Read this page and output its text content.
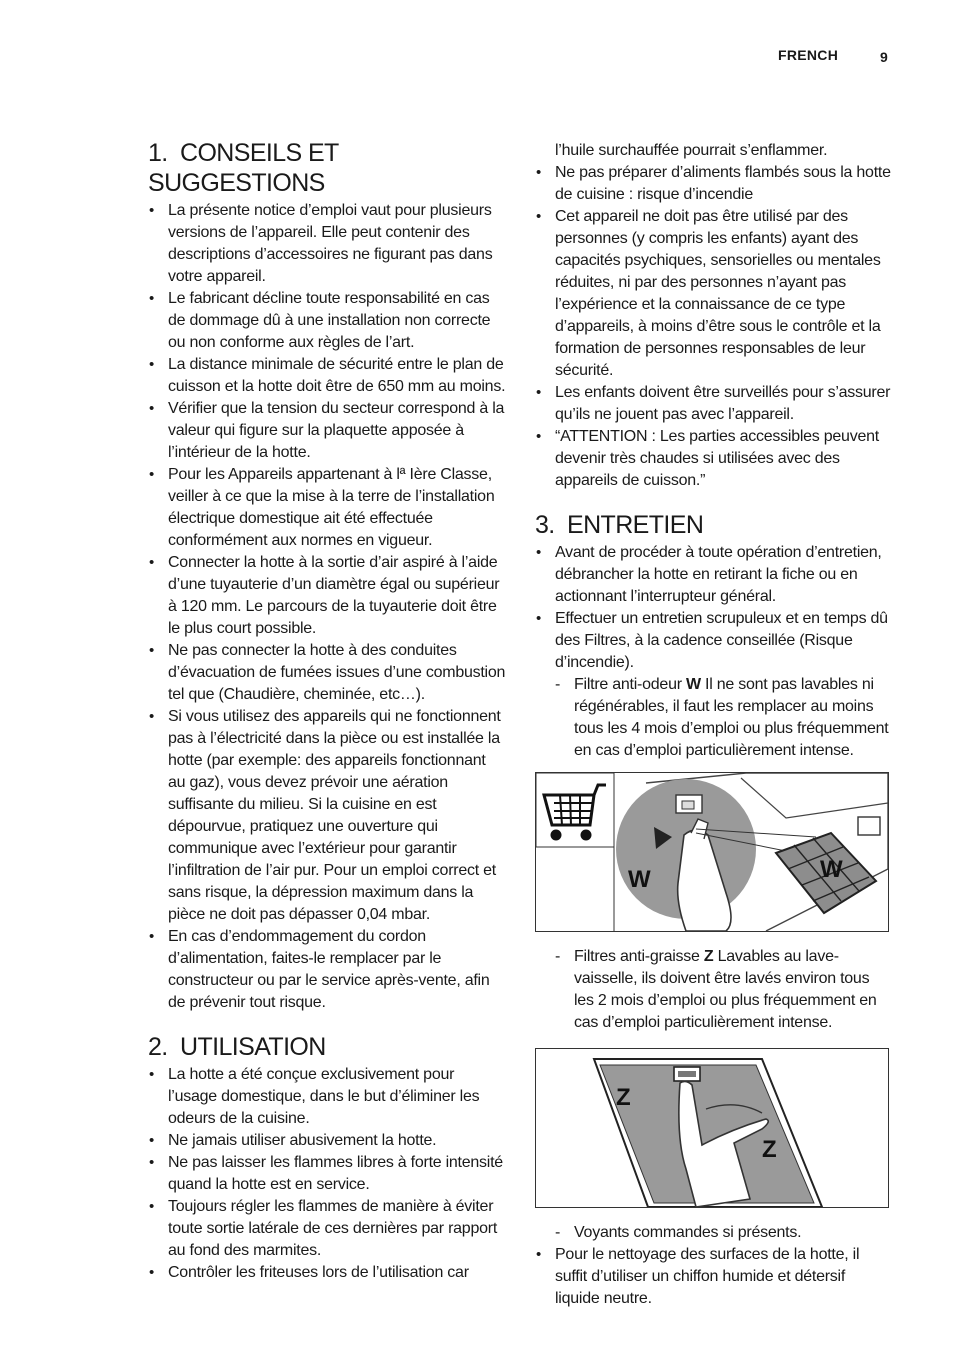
FRENCH	9
1. CONSEILS ET SUGGESTIONS
• La présente notice d’emploi vaut pour plusieurs versions de l’appareil. Elle peut contenir des descriptions d’accessoires ne figurant pas dans votre appareil.
• Le fabricant décline toute responsabilité en cas de dommage dû à une installation non correcte ou non conforme aux règles de l’art.
• La distance minimale de sécurité entre le plan de cuisson et la hotte doit être de 650 mm au moins.
• Vérifier que la tension du secteur correspond à la valeur qui figure sur la plaquette apposée à l’intérieur de la hotte.
• Pour les Appareils appartenant à lª Ière Classe, veiller à ce que la mise à la terre de l’installation électrique domestique ait été effectuée conformément aux normes en vigueur.
• Connecter la hotte à la sortie d’air aspiré à l’aide d’une tuyauterie d’un diamètre égal ou supérieur à 120 mm. Le parcours de la tuyauterie doit être le plus court possible.
• Ne pas connecter la hotte à des conduites d’évacuation de fumées issues d’une combustion tel que (Chaudière, cheminée, etc…).
• Si vous utilisez des appareils qui ne fonctionnent pas à l’électricité dans la pièce ou est installée la hotte (par exemple: des appareils fonctionnant au gaz), vous devez prévoir une aération suffisante du milieu. Si la cuisine en est dépourvue, pratiquez une ouverture qui communique avec l’extérieur pour garantir l’infiltration de l’air pur. Pour un emploi correct et sans risque, la dépression maximum dans la pièce ne doit pas dépasser 0,04 mbar.
• En cas d’endommagement du cordon d’alimentation, faites-le remplacer par le constructeur ou par le service après-vente, afin de prévenir tout risque.
2. UTILISATION
• La hotte a été conçue exclusivement pour l’usage domestique, dans le but d’éliminer les odeurs de la cuisine.
• Ne jamais utiliser abusivement la hotte.
• Ne pas laisser les flammes libres à forte intensité quand la hotte est en service.
• Toujours régler les flammes de manière à éviter toute sortie latérale de ces dernières par rapport au fond des marmites.
• Contrôler les friteuses lors de l’utilisation car
l’huile surchauffée pourrait s’enflammer.
• Ne pas préparer d’aliments flambés sous la hotte de cuisine : risque d’incendie
• Cet appareil ne doit pas être utilisé par des personnes (y compris les enfants) ayant des capacités psychiques, sensorielles ou mentales réduites, ni par des personnes n’ayant pas l’expérience et la connaissance de ce type d’appareils, à moins d’être sous le contrôle et la formation de personnes responsables de leur sécurité.
• Les enfants doivent être surveillés pour s’assurer qu’ils ne jouent pas avec l’appareil.
• “ATTENTION : Les parties accessibles peuvent devenir très chaudes si utilisées avec des appareils de cuisson.”
3. ENTRETIEN
• Avant de procéder à toute opération d’entretien, débrancher la hotte en retirant la fiche ou en actionnant l’interrupteur général.
• Effectuer un entretien scrupuleux et en temps dû des Filtres, à la cadence conseillée (Risque d’incendie).
- Filtre anti-odeur W Il ne sont pas lavables ni régénérables, il faut les remplacer au moins tous les 4 mois d’emploi ou plus fréquemment en cas d’emploi particulièrement intense.
W	W
- Filtres anti-graisse Z Lavables au lave-vaisselle, ils doivent être lavés environ tous les 2 mois d’emploi ou plus fréquemment en cas d’emploi particulièrement intense.
Z
Z
- Voyants commandes si présents.
• Pour le nettoyage des surfaces de la hotte, il suffit d’utiliser un chiffon humide et détersif liquide neutre.
